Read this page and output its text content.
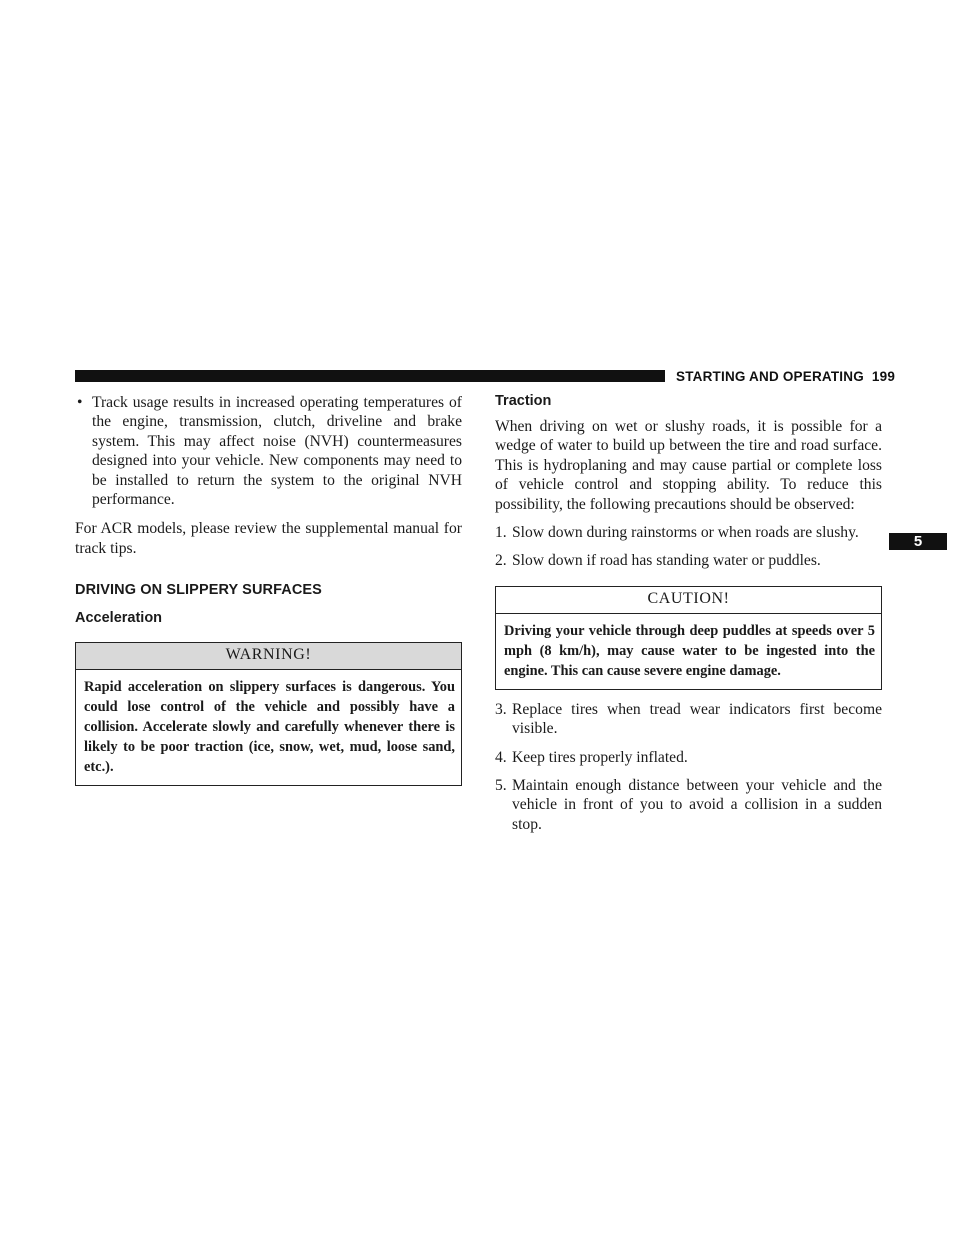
STARTING AND OPERATING 199
5

• Track usage results in increased operating temperatures of the engine, transmission, clutch, driveline and brake system. This may affect noise (NVH) countermeasures designed into your vehicle. New components may need to be installed to return the system to the original NVH performance.

For ACR models, please review the supplemental manual for track tips.

DRIVING ON SLIPPERY SURFACES

Acceleration

WARNING!
Rapid acceleration on slippery surfaces is dangerous. You could lose control of the vehicle and possibly have a collision. Accelerate slowly and carefully whenever there is likely to be poor traction (ice, snow, wet, mud, loose sand, etc.).

Traction

When driving on wet or slushy roads, it is possible for a wedge of water to build up between the tire and road surface. This is hydroplaning and may cause partial or complete loss of vehicle control and stopping ability. To reduce this possibility, the following precautions should be observed:

1. Slow down during rainstorms or when roads are slushy.

2. Slow down if road has standing water or puddles.

CAUTION!
Driving your vehicle through deep puddles at speeds over 5 mph (8 km/h), may cause water to be ingested into the engine. This can cause severe engine damage.

3. Replace tires when tread wear indicators first become visible.

4. Keep tires properly inflated.

5. Maintain enough distance between your vehicle and the vehicle in front of you to avoid a collision in a sudden stop.
